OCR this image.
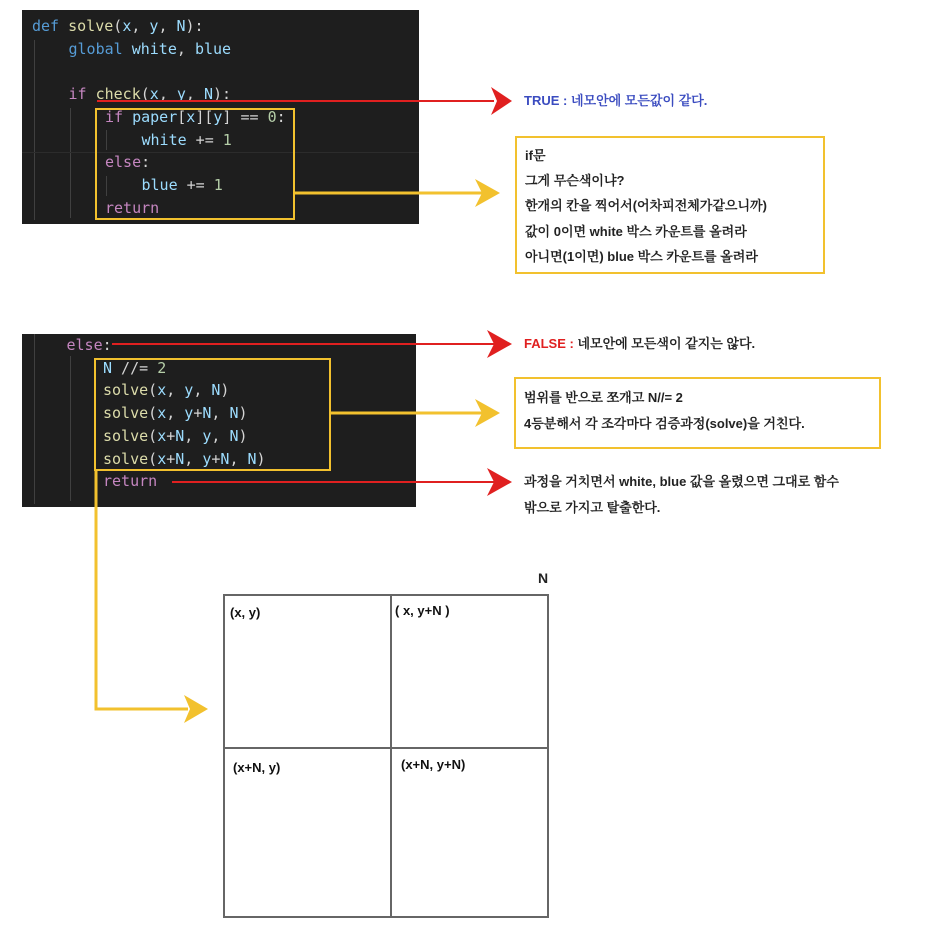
def solve(x, y, N):
global white, blue
if check(x, y, N):
if paper[x][y] == 0:
white += 1
else:
blue += 1
return
else:
N //= 2
solve(x, y, N)
solve(x, y+N, N)
solve(x+N, y, N)
solve(x+N, y+N, N)
return
TRUE : 네모안에 모든값이 같다.
FALSE : 네모안에 모든색이 같지는 않다.
과정을 거치면서 white, blue 값을 올렸으면 그대로 함수
밖으로 가지고 탈출한다.
if문
그게 무슨색이냐?
한개의 칸을 찍어서(어차피전체가같으니까)
값이 0이면 white 박스 카운트를 올려라
아니면(1이면) blue 박스 카운트를 올려라
범위를 반으로 쪼개고 N//= 2
4등분해서 각 조각마다 검증과정(solve)을 거친다.
N
(x, y)	( x, y+N )
(x+N, y)	(x+N, y+N)
